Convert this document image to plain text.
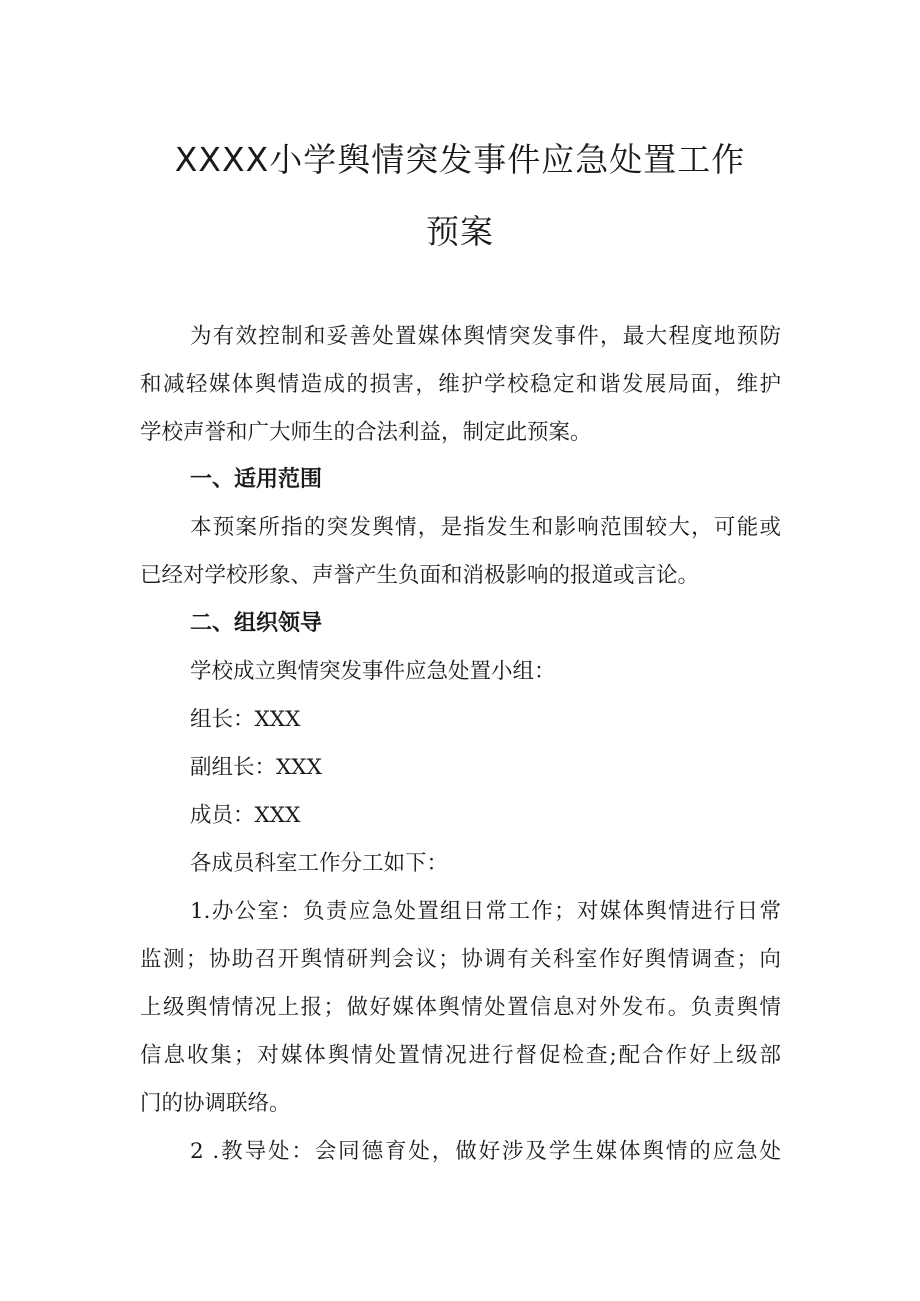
XXXX小学舆情突发事件应急处置工作
预案
为有效控制和妥善处置媒体舆情突发事件，最大程度地预防
和减轻媒体舆情造成的损害，维护学校稳定和谐发展局面，维护
学校声誉和广大师生的合法利益，制定此预案。
一、适用范围
本预案所指的突发舆情，是指发生和影响范围较大，可能或
已经对学校形象、声誉产生负面和消极影响的报道或言论。
二、组织领导
学校成立舆情突发事件应急处置小组：
组长：XXX
副组长：XXX
成员：XXX
各成员科室工作分工如下：
1.办公室：负责应急处置组日常工作；对媒体舆情进行日常
监测；协助召开舆情研判会议；协调有关科室作好舆情调查；向
上级舆情情况上报；做好媒体舆情处置信息对外发布。负责舆情
信息收集；对媒体舆情处置情况进行督促检查;配合作好上级部
门的协调联络。
2 .教导处：会同德育处，做好涉及学生媒体舆情的应急处
